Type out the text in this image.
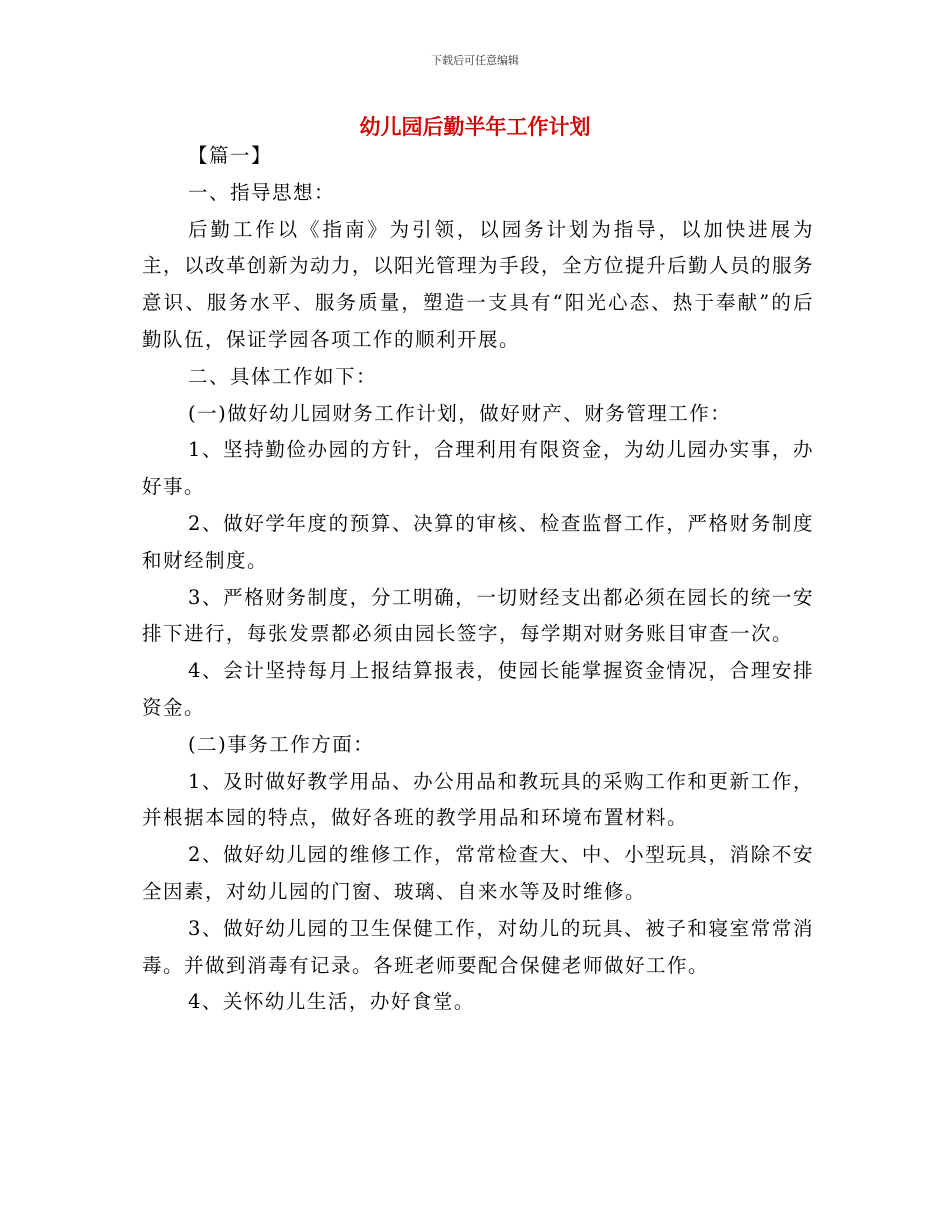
下载后可任意编辑
幼儿园后勤半年工作计划

【篇一】

一、指导思想：

后勤工作以《指南》为引领，以园务计划为指导，以加快进展为主，以改革创新为动力，以阳光管理为手段，全方位提升后勤人员的服务意识、服务水平、服务质量，塑造一支具有“阳光心态、热于奉献”的后勤队伍，保证学园各项工作的顺利开展。

二、具体工作如下：

(一)做好幼儿园财务工作计划，做好财产、财务管理工作：

1、坚持勤俭办园的方针，合理利用有限资金，为幼儿园办实事，办好事。

2、做好学年度的预算、决算的审核、检查监督工作，严格财务制度和财经制度。

3、严格财务制度，分工明确，一切财经支出都必须在园长的统一安排下进行，每张发票都必须由园长签字，每学期对财务账目审查一次。

4、会计坚持每月上报结算报表，使园长能掌握资金情况，合理安排资金。

(二)事务工作方面：

1、及时做好教学用品、办公用品和教玩具的采购工作和更新工作，并根据本园的特点，做好各班的教学用品和环境布置材料。

2、做好幼儿园的维修工作，常常检查大、中、小型玩具，消除不安全因素，对幼儿园的门窗、玻璃、自来水等及时维修。

3、做好幼儿园的卫生保健工作，对幼儿的玩具、被子和寝室常常消毒。并做到消毒有记录。各班老师要配合保健老师做好工作。

4、关怀幼儿生活，办好食堂。
